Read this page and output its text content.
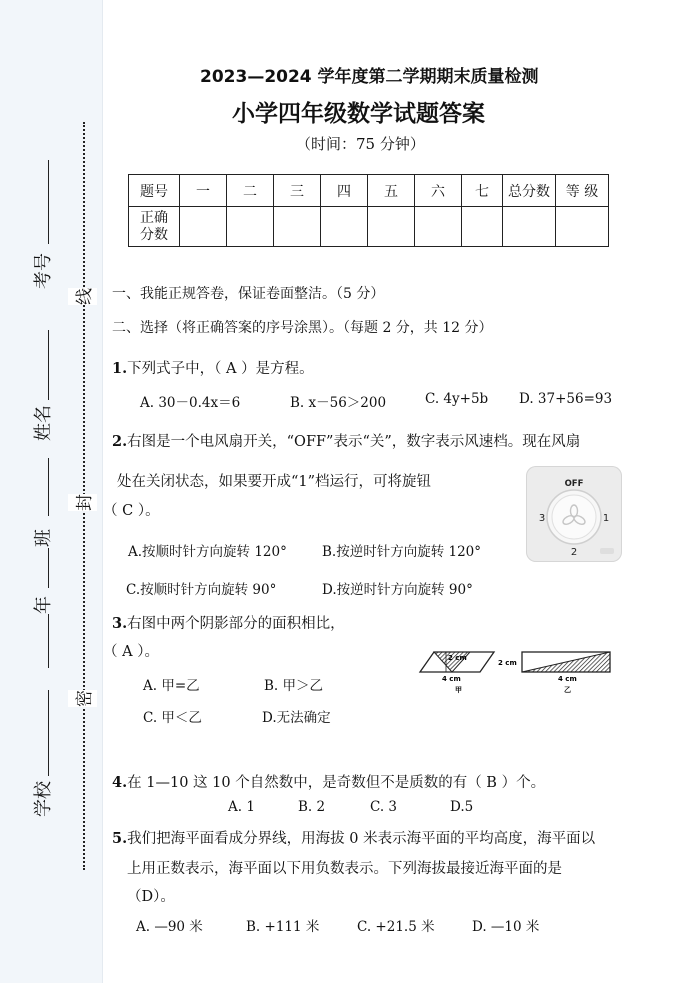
线
封
密
考号
姓名
班
年
学校
2023—2024 学年度第二学期期末质量检测
小学四年级数学试题答案
（时间：75 分钟）
题号	一	二	三	四	五	六	七	总分数	等 级
正确
分数									
一、我能正规答卷，保证卷面整洁。（5 分）
二、选择（将正确答案的序号涂黑）。（每题 2 分，共 12 分）
1.下列式子中，（ A ）是方程。
A. 30－0.4x＝6	B. x－56＞200	C. 4y+5b D. 37+56=93
2.右图是一个电风扇开关，“OFF”表示“关”，数字表示风速档。现在风扇
处在关闭状态，如果要开成“1”档运行，可将旋钮
（ C ）。
A.按顺时针方向旋转 120°	B.按逆时针方向旋转 120°
C.按顺时针方向旋转 90°	D.按逆时针方向旋转 90°
OFF
1
2
3
3.右图中两个阴影部分的面积相比，
（ A ）。
A. 甲=乙	B. 甲＞乙
C. 甲＜乙	D.无法确定
2 cm
4 cm
甲
2 cm
4 cm
乙
4.在 1—10 这 10 个自然数中，是奇数但不是质数的有（ B ）个。
A. 1	B. 2	C. 3	D.5
5.我们把海平面看成分界线，用海拔 0 米表示海平面的平均高度，海平面以
上用正数表示，海平面以下用负数表示。下列海拔最接近海平面的是
（D）。
A. —90 米	B. +111 米	C. +21.5 米	D. —10 米
